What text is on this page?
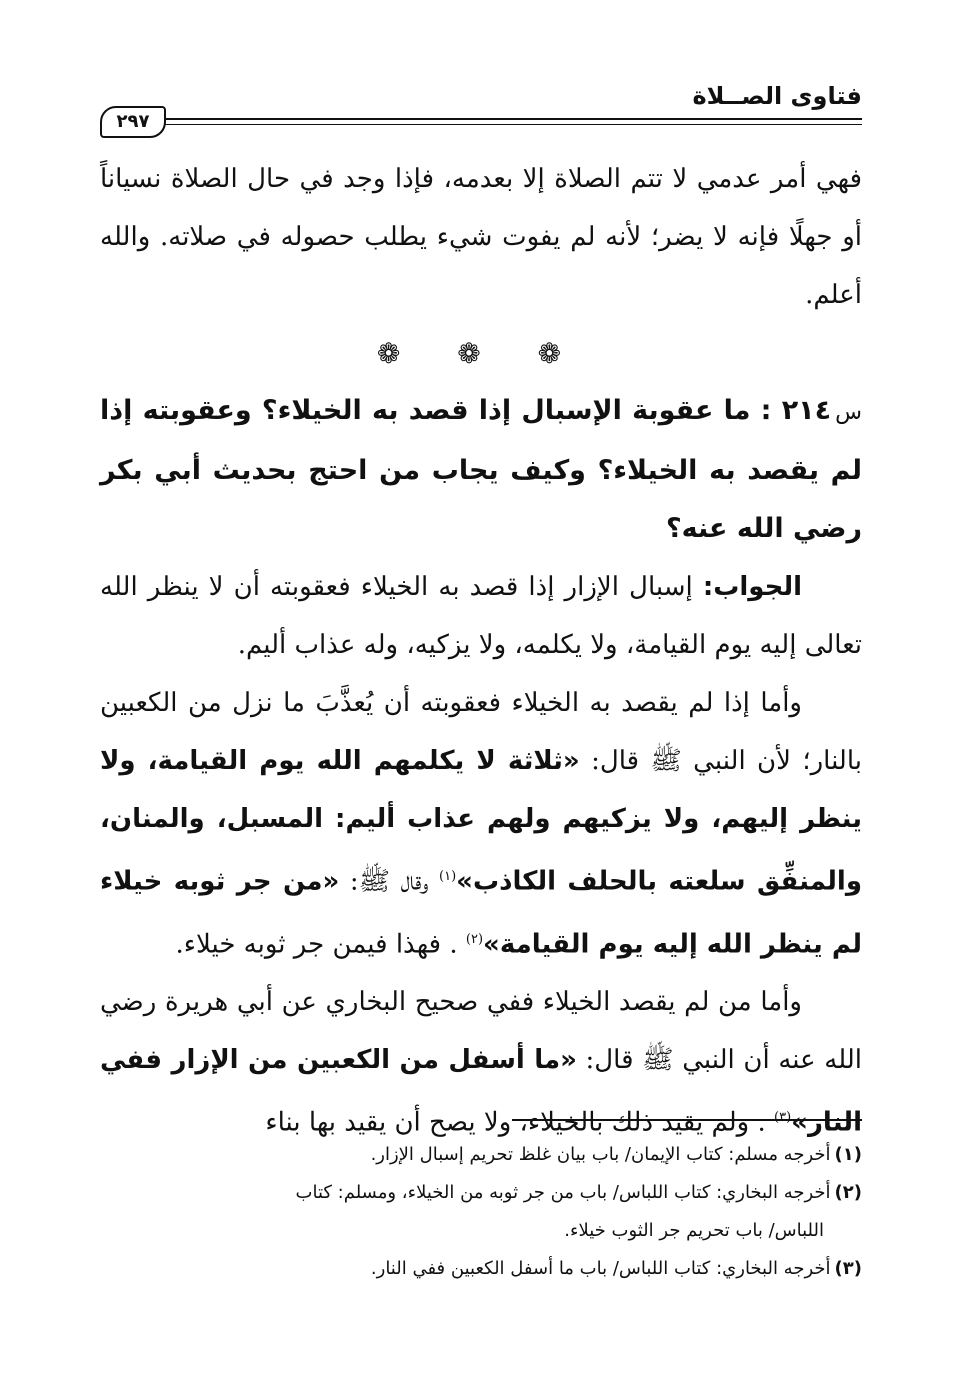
فتاوى الصــلاة
٢٩٧

فهي أمر عدمي لا تتم الصلاة إلا بعدمه، فإذا وجد في حال الصلاة نسياناً أو جهلًا فإنه لا يضر؛ لأنه لم يفوت شيء يطلب حصوله في صلاته. والله أعلم.

❁ ❁ ❁

س٢١٤ : ما عقوبة الإسبال إذا قصد به الخيلاء؟ وعقوبته إذا لم يقصد به الخيلاء؟ وكيف يجاب من احتج بحديث أبي بكر رضي الله عنه؟

الجواب: إسبال الإزار إذا قصد به الخيلاء فعقوبته أن لا ينظر الله تعالى إليه يوم القيامة، ولا يكلمه، ولا يزكيه، وله عذاب أليم.

وأما إذا لم يقصد به الخيلاء فعقوبته أن يُعذَّبَ ما نزل من الكعبين بالنار؛ لأن النبي ﷺ قال: «ثلاثة لا يكلمهم الله يوم القيامة، ولا ينظر إليهم، ولا يزكيهم ولهم عذاب أليم: المسبل، والمنان، والمنفِّق سلعته بالحلف الكاذب»$^{(١)}$ وقال ﷺ: «من جر ثوبه خيلاء لم ينظر الله إليه يوم القيامة»$^{(٢)}$ . فهذا فيمن جر ثوبه خيلاء.

وأما من لم يقصد الخيلاء ففي صحيح البخاري عن أبي هريرة رضي الله عنه أن النبي ﷺ قال: «ما أسفل من الكعبين من الإزار ففي النار»$^{(٣)}$ . ولم يقيد ذلك بالخيلاء، ولا يصح أن يقيد بها بناء

(١)أخرجه مسلم: كتاب الإيمان/ باب بيان غلظ تحريم إسبال الإزار.

(٢)أخرجه البخاري: كتاب اللباس/ باب من جر ثوبه من الخيلاء، ومسلم: كتاب

اللباس/ باب تحريم جر الثوب خيلاء.

(٣)أخرجه البخاري: كتاب اللباس/ باب ما أسفل الكعبين ففي النار.
